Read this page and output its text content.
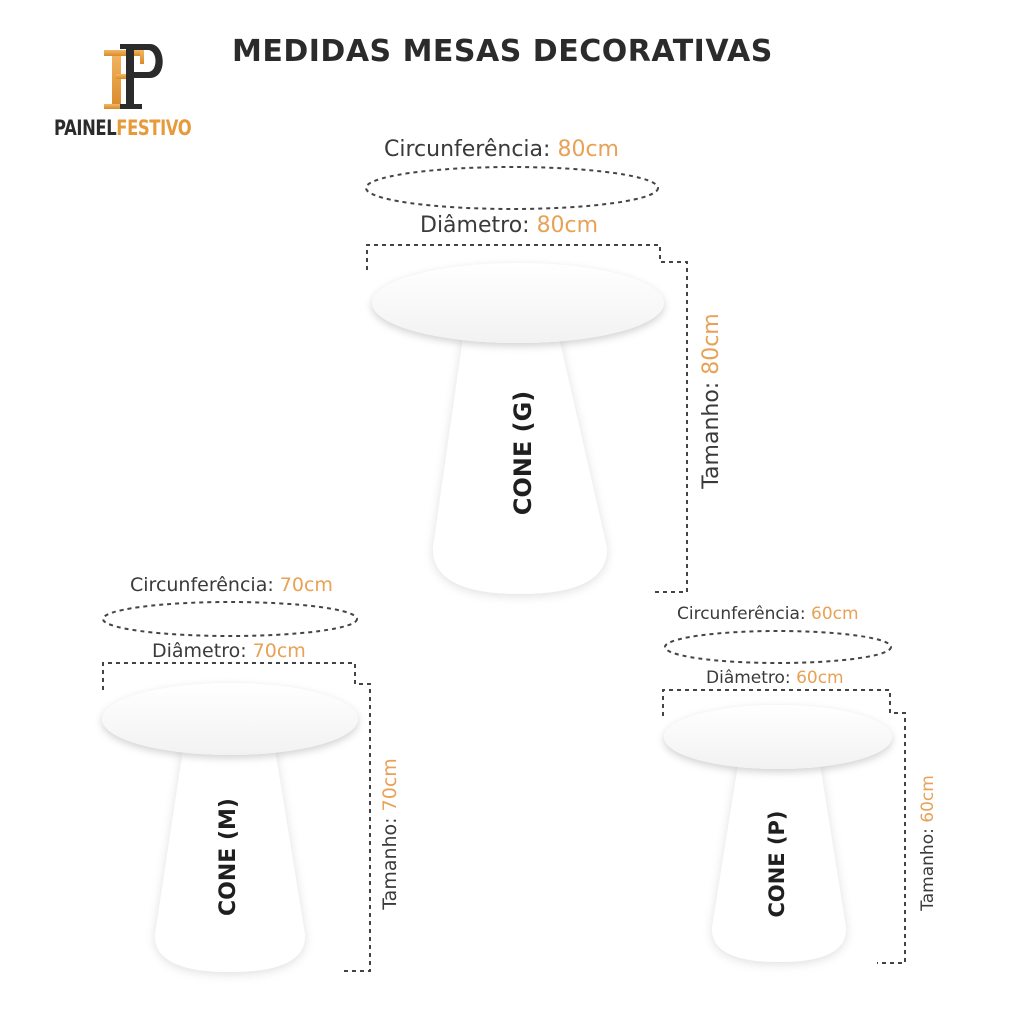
PAINELFESTIVO
MEDIDAS MESAS DECORATIVAS
Circunferência: 80cm
Diâmetro: 80cm
Tamanho: 80cm
CONE (G)
Circunferência: 70cm
Diâmetro: 70cm
Tamanho: 70cm
CONE (M)
Circunferência: 60cm
Diâmetro: 60cm
Tamanho: 60cm
CONE (P)
